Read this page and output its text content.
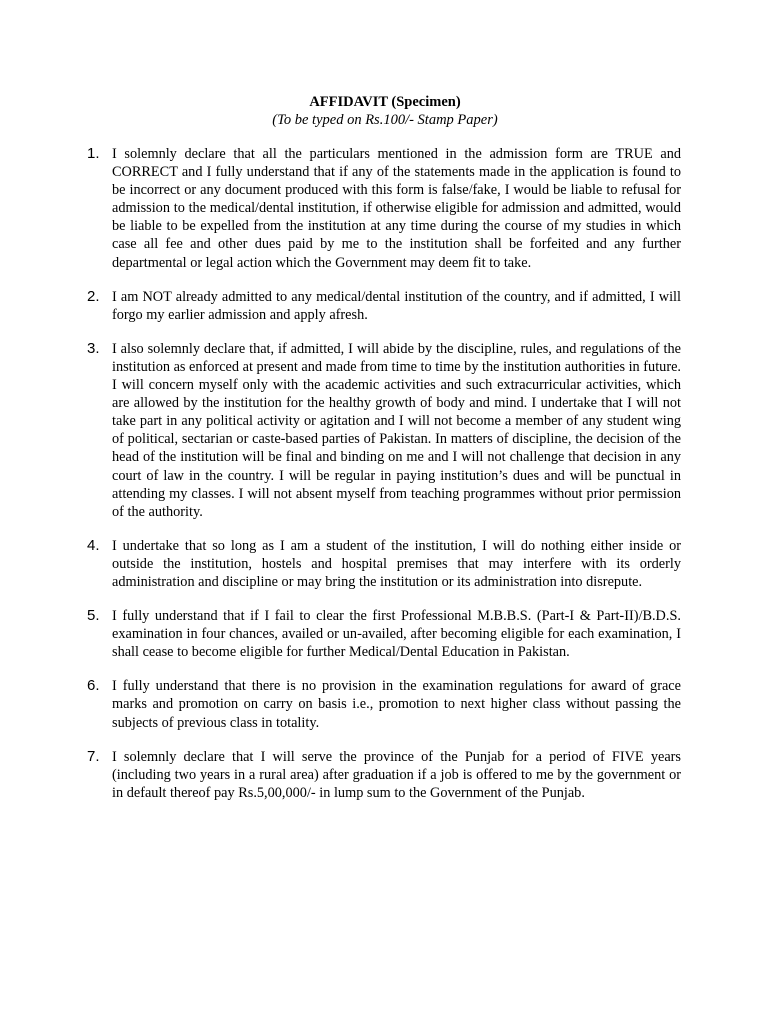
AFFIDAVIT (Specimen)
(To be typed on Rs.100/- Stamp Paper)
1. I solemnly declare that all the particulars mentioned in the admission form are TRUE and CORRECT and I fully understand that if any of the statements made in the application is found to be incorrect or any document produced with this form is false/fake, I would be liable to refusal for admission to the medical/dental institution, if otherwise eligible for admission and admitted, would be liable to be expelled from the institution at any time during the course of my studies in which case all fee and other dues paid by me to the institution shall be forfeited and any further departmental or legal action which the Government may deem fit to take.
2. I am NOT already admitted to any medical/dental institution of the country, and if admitted, I will forgo my earlier admission and apply afresh.
3. I also solemnly declare that, if admitted, I will abide by the discipline, rules, and regulations of the institution as enforced at present and made from time to time by the institution authorities in future. I will concern myself only with the academic activities and such extracurricular activities, which are allowed by the institution for the healthy growth of body and mind. I undertake that I will not take part in any political activity or agitation and I will not become a member of any student wing of political, sectarian or caste-based parties of Pakistan. In matters of discipline, the decision of the head of the institution will be final and binding on me and I will not challenge that decision in any court of law in the country. I will be regular in paying institution’s dues and will be punctual in attending my classes. I will not absent myself from teaching programmes without prior permission of the authority.
4. I undertake that so long as I am a student of the institution, I will do nothing either inside or outside the institution, hostels and hospital premises that may interfere with its orderly administration and discipline or may bring the institution or its administration into disrepute.
5. I fully understand that if I fail to clear the first Professional M.B.B.S. (Part-I & Part-II)/B.D.S. examination in four chances, availed or un-availed, after becoming eligible for each examination, I shall cease to become eligible for further Medical/Dental Education in Pakistan.
6. I fully understand that there is no provision in the examination regulations for award of grace marks and promotion on carry on basis i.e., promotion to next higher class without passing the subjects of previous class in totality.
7. I solemnly declare that I will serve the province of the Punjab for a period of FIVE years (including two years in a rural area) after graduation if a job is offered to me by the government or in default thereof pay Rs.5,00,000/- in lump sum to the Government of the Punjab.
